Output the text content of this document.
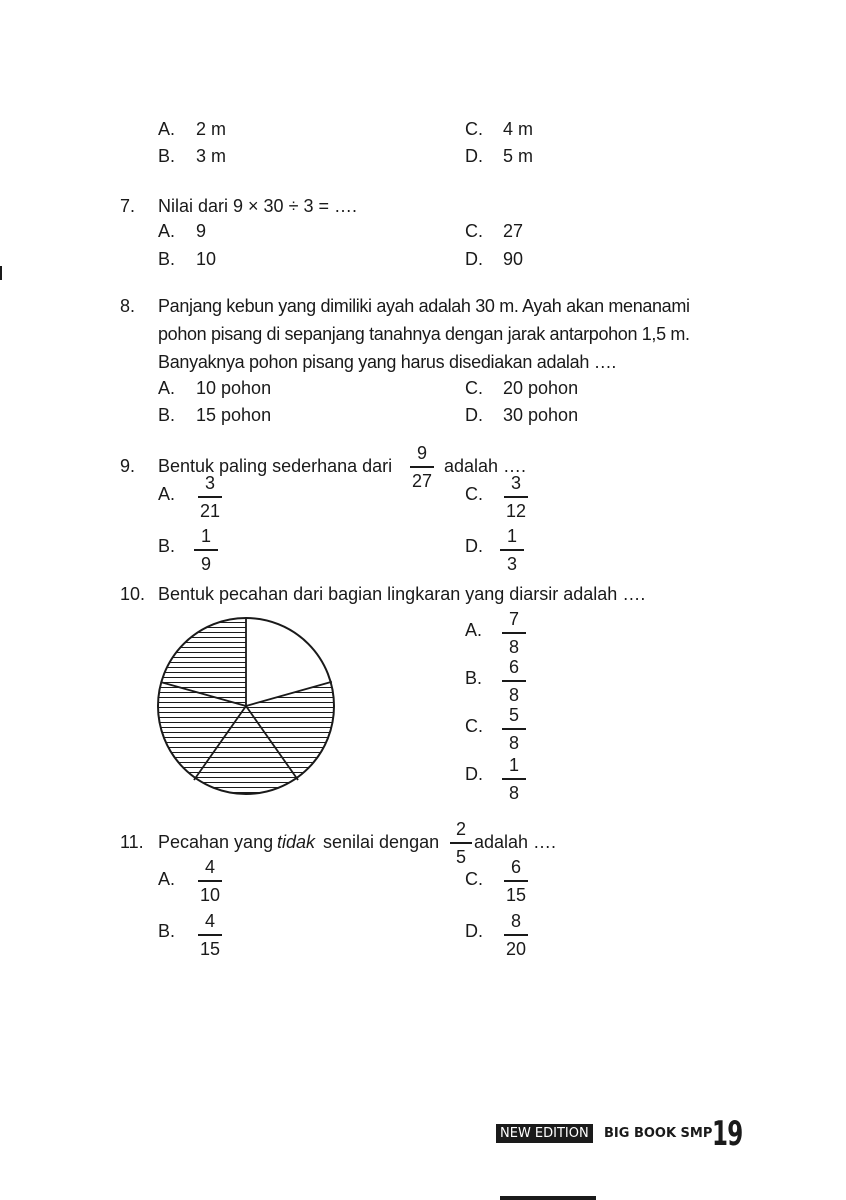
A. 2 m
B. 3 m
C. 4 m
D. 5 m
7. Nilai dari 9 × 30 ÷ 3 = ….
A. 9
B. 10
C. 27
D. 90
8. Panjang kebun yang dimiliki ayah adalah 30 m. Ayah akan menanami
pohon pisang di sepanjang tanahnya dengan jarak antarpohon 1,5 m.
Banyaknya pohon pisang yang harus disediakan adalah ….
A. 10 pohon
B. 15 pohon
C. 20 pohon
D. 30 pohon
9. Bentuk paling sederhana dari
9
27
adalah ….
A.
3
21
B.	1
9
C.
3
12
D.	1
3
10. Bentuk pecahan dari bagian lingkaran yang diarsir adalah ….
A.
7
8
B.
6
8
C.
5
8
D.	1
8
11. Pecahan yang tidak senilai dengan
2
5
adalah ….
A.
4
10
B.	4
15
C.
6
15
D.	8
20
NEW EDITION	BIG BOOK SMP 19
